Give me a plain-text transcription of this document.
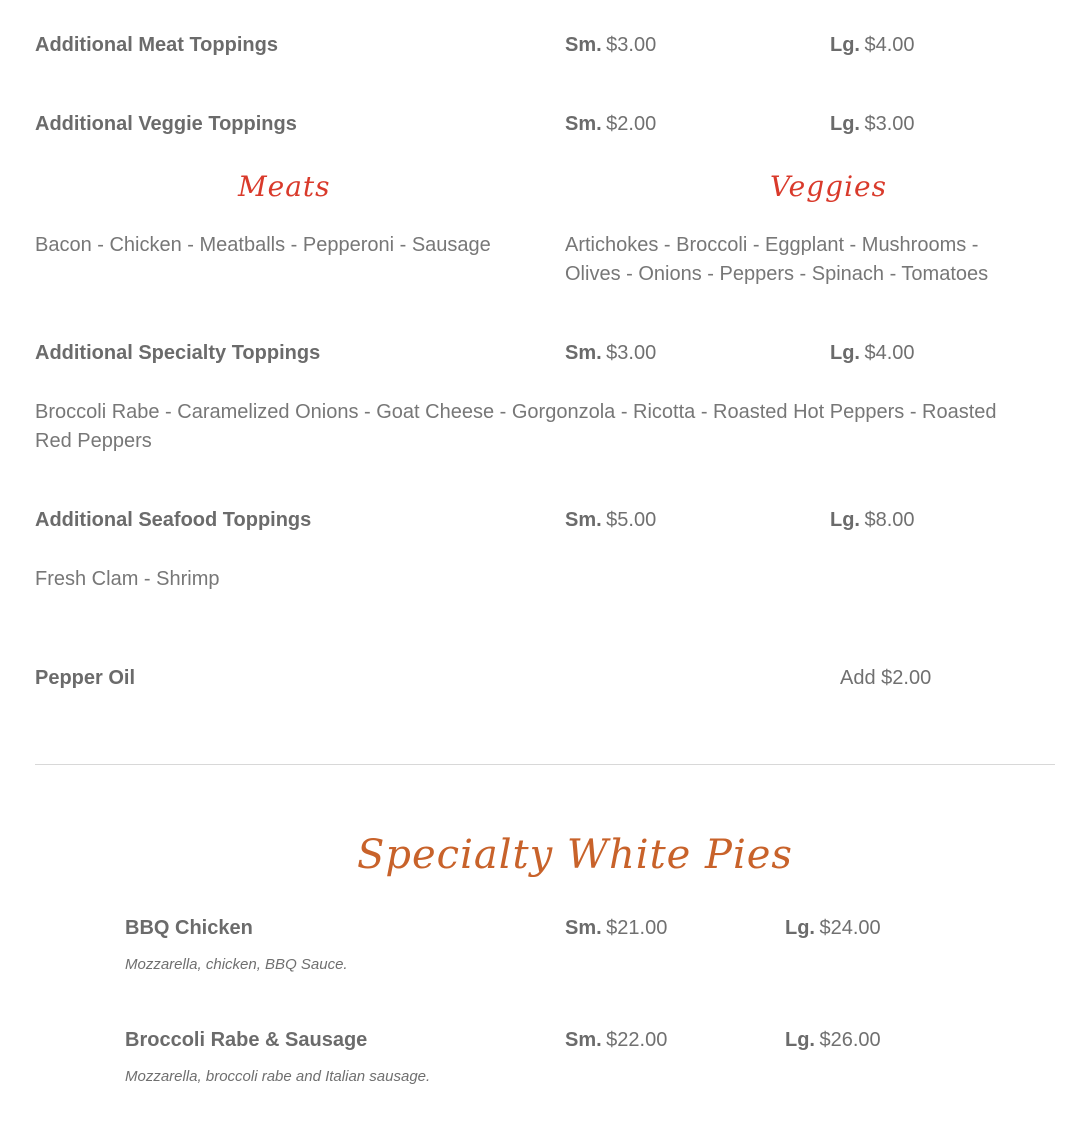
Additional Meat Toppings	Sm. $3.00	Lg. $4.00
Additional Veggie Toppings	Sm. $2.00	Lg. $3.00
Meats	Veggies
Bacon - Chicken - Meatballs - Pepperoni - Sausage	Artichokes - Broccoli - Eggplant - Mushrooms - Olives - Onions - Peppers - Spinach - Tomatoes
Additional Specialty Toppings	Sm. $3.00	Lg. $4.00
Broccoli Rabe - Caramelized Onions - Goat Cheese - Gorgonzola - Ricotta - Roasted Hot Peppers - Roasted Red Peppers
Additional Seafood Toppings	Sm. $5.00	Lg. $8.00
Fresh Clam - Shrimp
Pepper Oil	Add $2.00
Specialty White Pies
BBQ Chicken	Sm. $21.00	Lg. $24.00
Mozzarella, chicken, BBQ Sauce.
Broccoli Rabe & Sausage	Sm. $22.00	Lg. $26.00
Mozzarella, broccoli rabe and Italian sausage.
